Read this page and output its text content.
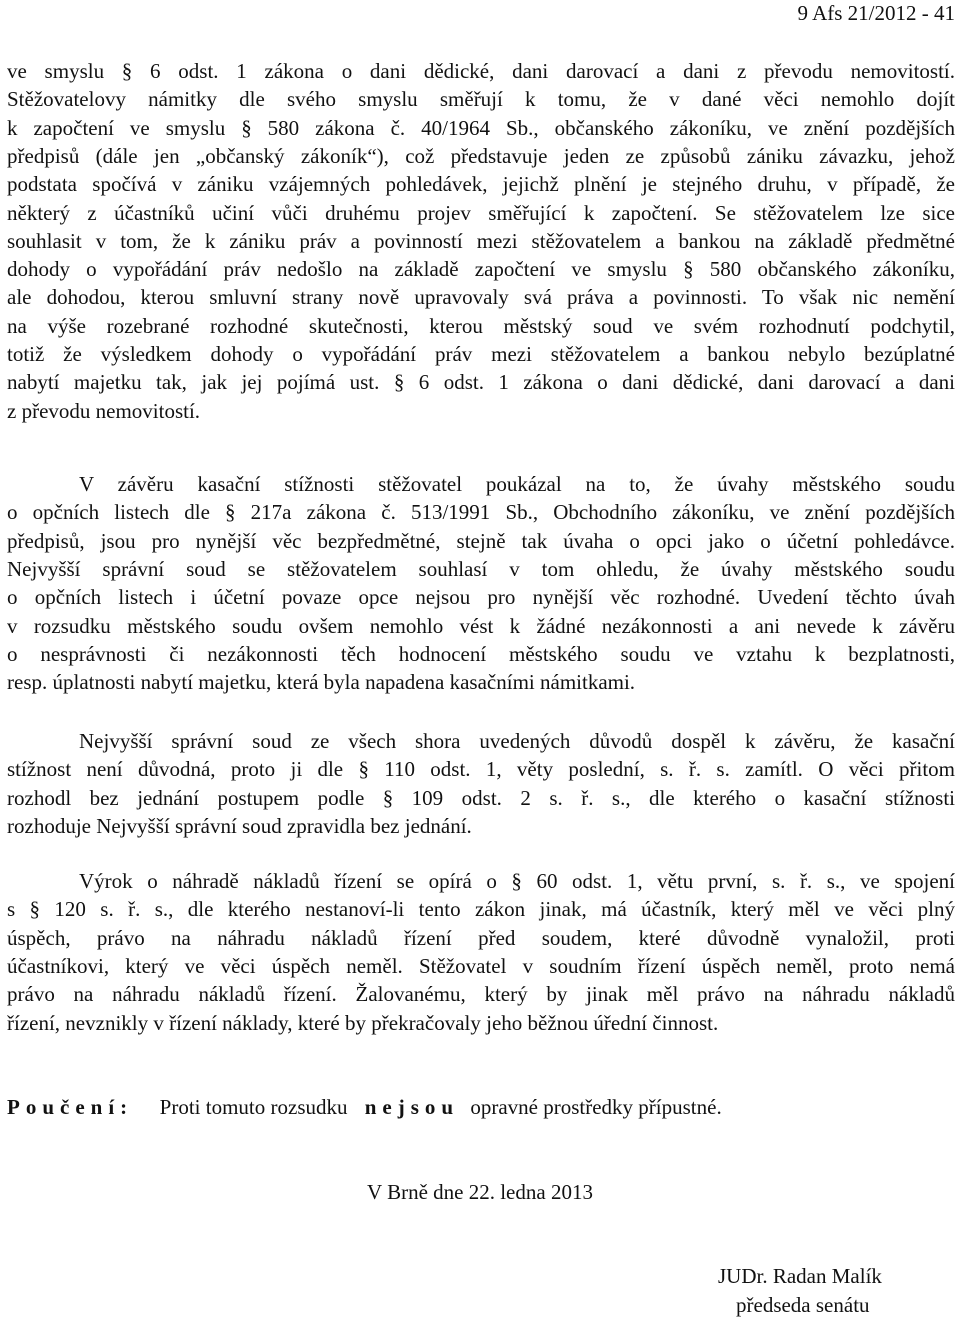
9 Afs 21/2012 - 41
ve smyslu § 6 odst. 1 zákona o dani dědické, dani darovací a dani z převodu nemovitostí.
Stěžovatelovy námitky dle svého smyslu směřují k tomu, že v dané věci nemohlo dojít
k započtení ve smyslu § 580 zákona č. 40/1964 Sb., občanského zákoníku, ve znění pozdějších
předpisů (dále jen „občanský zákoník“), což představuje jeden ze způsobů zániku závazku, jehož
podstata spočívá v zániku vzájemných pohledávek, jejichž plnění je stejného druhu, v případě, že
některý z účastníků učiní vůči druhému projev směřující k započtení. Se stěžovatelem lze sice
souhlasit v tom, že k zániku práv a povinností mezi stěžovatelem a bankou na základě předmětné
dohody o vypořádání práv nedošlo na základě započtení ve smyslu § 580 občanského zákoníku,
ale dohodou, kterou smluvní strany nově upravovaly svá práva a povinnosti. To však nic nemění
na výše rozebrané rozhodné skutečnosti, kterou městský soud ve svém rozhodnutí podchytil,
totiž že výsledkem dohody o vypořádání práv mezi stěžovatelem a bankou nebylo bezúplatné
nabytí majetku tak, jak jej pojímá ust. § 6 odst. 1 zákona o dani dědické, dani darovací a dani
z převodu nemovitostí.
V závěru kasační stížnosti stěžovatel poukázal na to, že úvahy městského soudu
o opčních listech dle § 217a zákona č. 513/1991 Sb., Obchodního zákoníku, ve znění pozdějších
předpisů, jsou pro nynější věc bezpředmětné, stejně tak úvaha o opci jako o účetní pohledávce.
Nejvyšší správní soud se stěžovatelem souhlasí v tom ohledu, že úvahy městského soudu
o opčních listech i účetní povaze opce nejsou pro nynější věc rozhodné. Uvedení těchto úvah
v rozsudku městského soudu ovšem nemohlo vést k žádné nezákonnosti a ani nevede k závěru
o nesprávnosti či nezákonnosti těch hodnocení městského soudu ve vztahu k bezplatnosti,
resp. úplatnosti nabytí majetku, která byla napadena kasačními námitkami.
Nejvyšší správní soud ze všech shora uvedených důvodů dospěl k závěru, že kasační
stížnost není důvodná, proto ji dle § 110 odst. 1, věty poslední, s. ř. s. zamítl. O věci přitom
rozhodl bez jednání postupem podle § 109 odst. 2 s. ř. s., dle kterého o kasační stížnosti
rozhoduje Nejvyšší správní soud zpravidla bez jednání.
Výrok o náhradě nákladů řízení se opírá o § 60 odst. 1, větu první, s. ř. s., ve spojení
s § 120 s. ř. s., dle kterého nestanoví-li tento zákon jinak, má účastník, který měl ve věci plný
úspěch, právo na náhradu nákladů řízení před soudem, které důvodně vynaložil, proti
účastníkovi, který ve věci úspěch neměl. Stěžovatel v soudním řízení úspěch neměl, proto nemá
právo na náhradu nákladů řízení. Žalovanému, který by jinak měl právo na náhradu nákladů
řízení, nevznikly v řízení náklady, které by překračovaly jeho běžnou úřední činnost.
Poučení: Proti tomuto rozsudku nejsou opravné prostředky přípustné.
V Brně dne 22. ledna 2013
JUDr. Radan Malík
předseda senátu
